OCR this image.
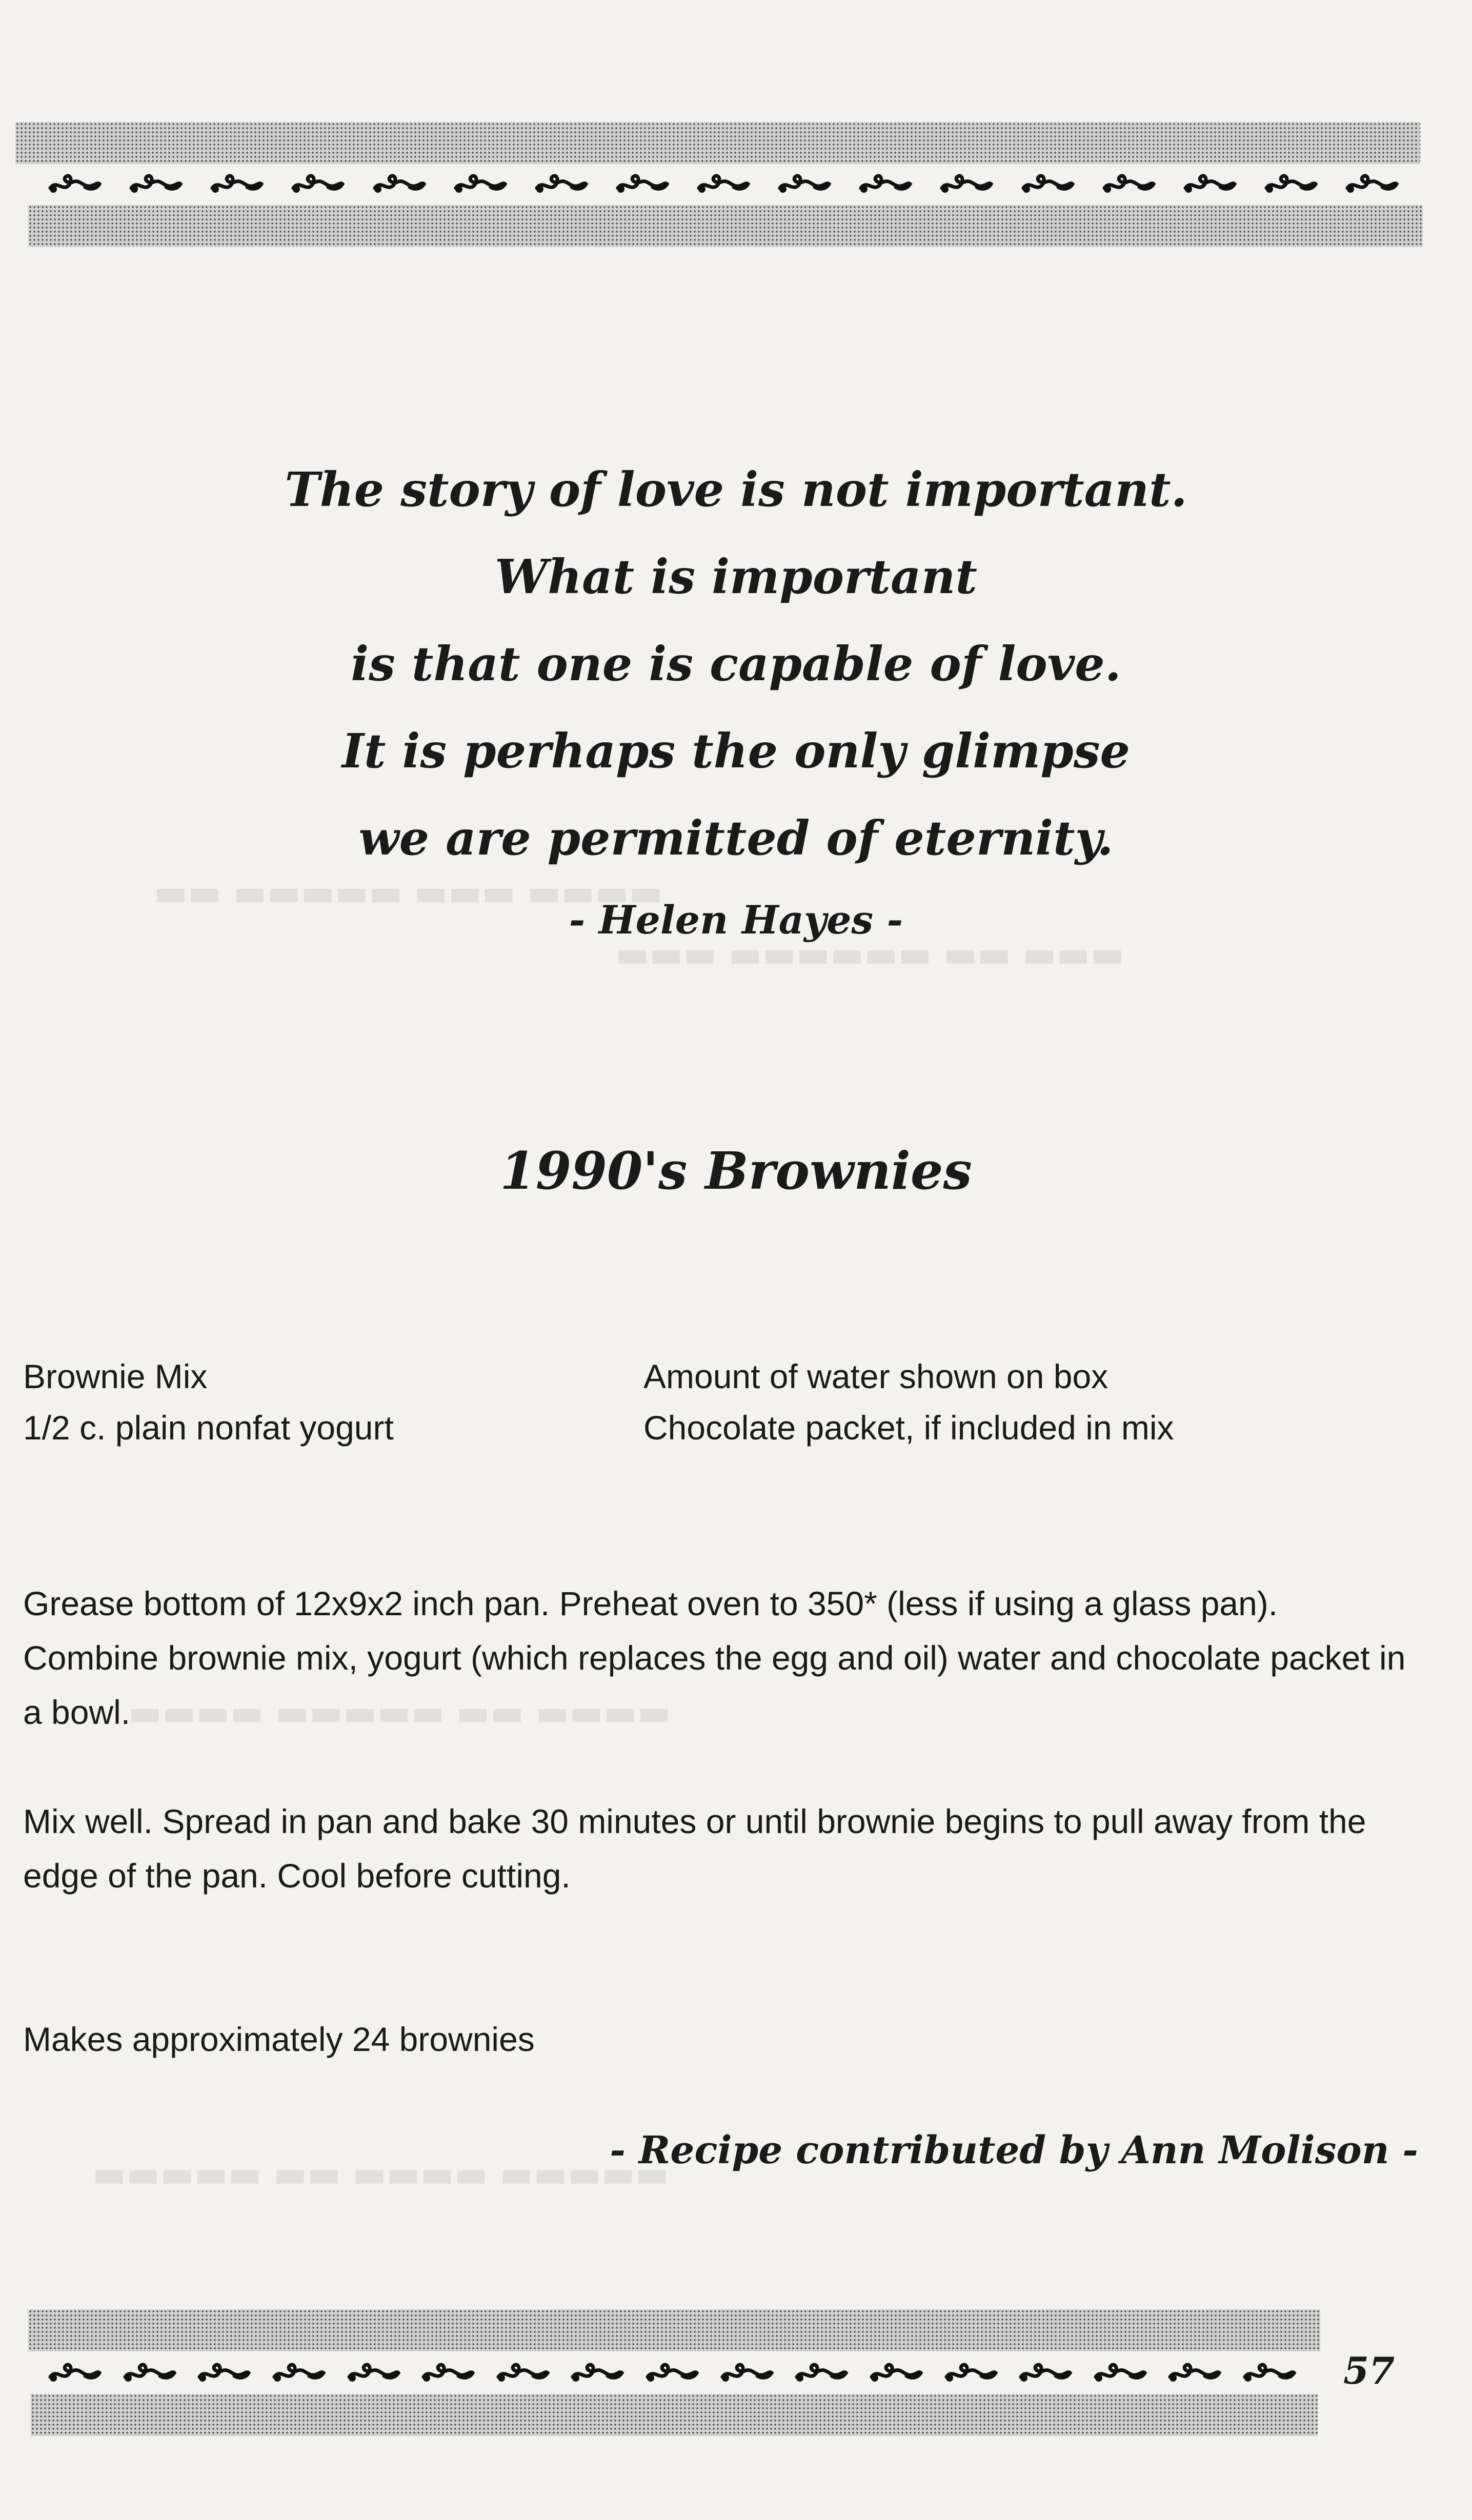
▬▬▬▬ ▬▬▬ ▬▬▬▬▬ ▬▬
▬▬▬ ▬▬ ▬▬▬▬▬▬ ▬▬▬
▬▬▬▬ ▬▬ ▬▬▬▬▬ ▬▬▬▬
▬▬▬▬▬ ▬▬▬▬ ▬▬ ▬▬▬▬▬
The story of love is not important.
What is important
is that one is capable of love.
It is perhaps the only glimpse
we are permitted of eternity.
- Helen Hayes -
1990's Brownies
Brownie Mix	Amount of water shown on box
1/2 c. plain nonfat yogurt	Chocolate packet, if included in mix
Grease bottom of 12x9x2 inch pan. Preheat oven to 350* (less if using a glass pan). Combine brownie mix, yogurt (which replaces the egg and oil) water and chocolate packet in a bowl.
Mix well. Spread in pan and bake 30 minutes or until brownie begins to pull away from the edge of the pan. Cool before cutting.
Makes approximately 24 brownies
- Recipe contributed by Ann Molison -
57
